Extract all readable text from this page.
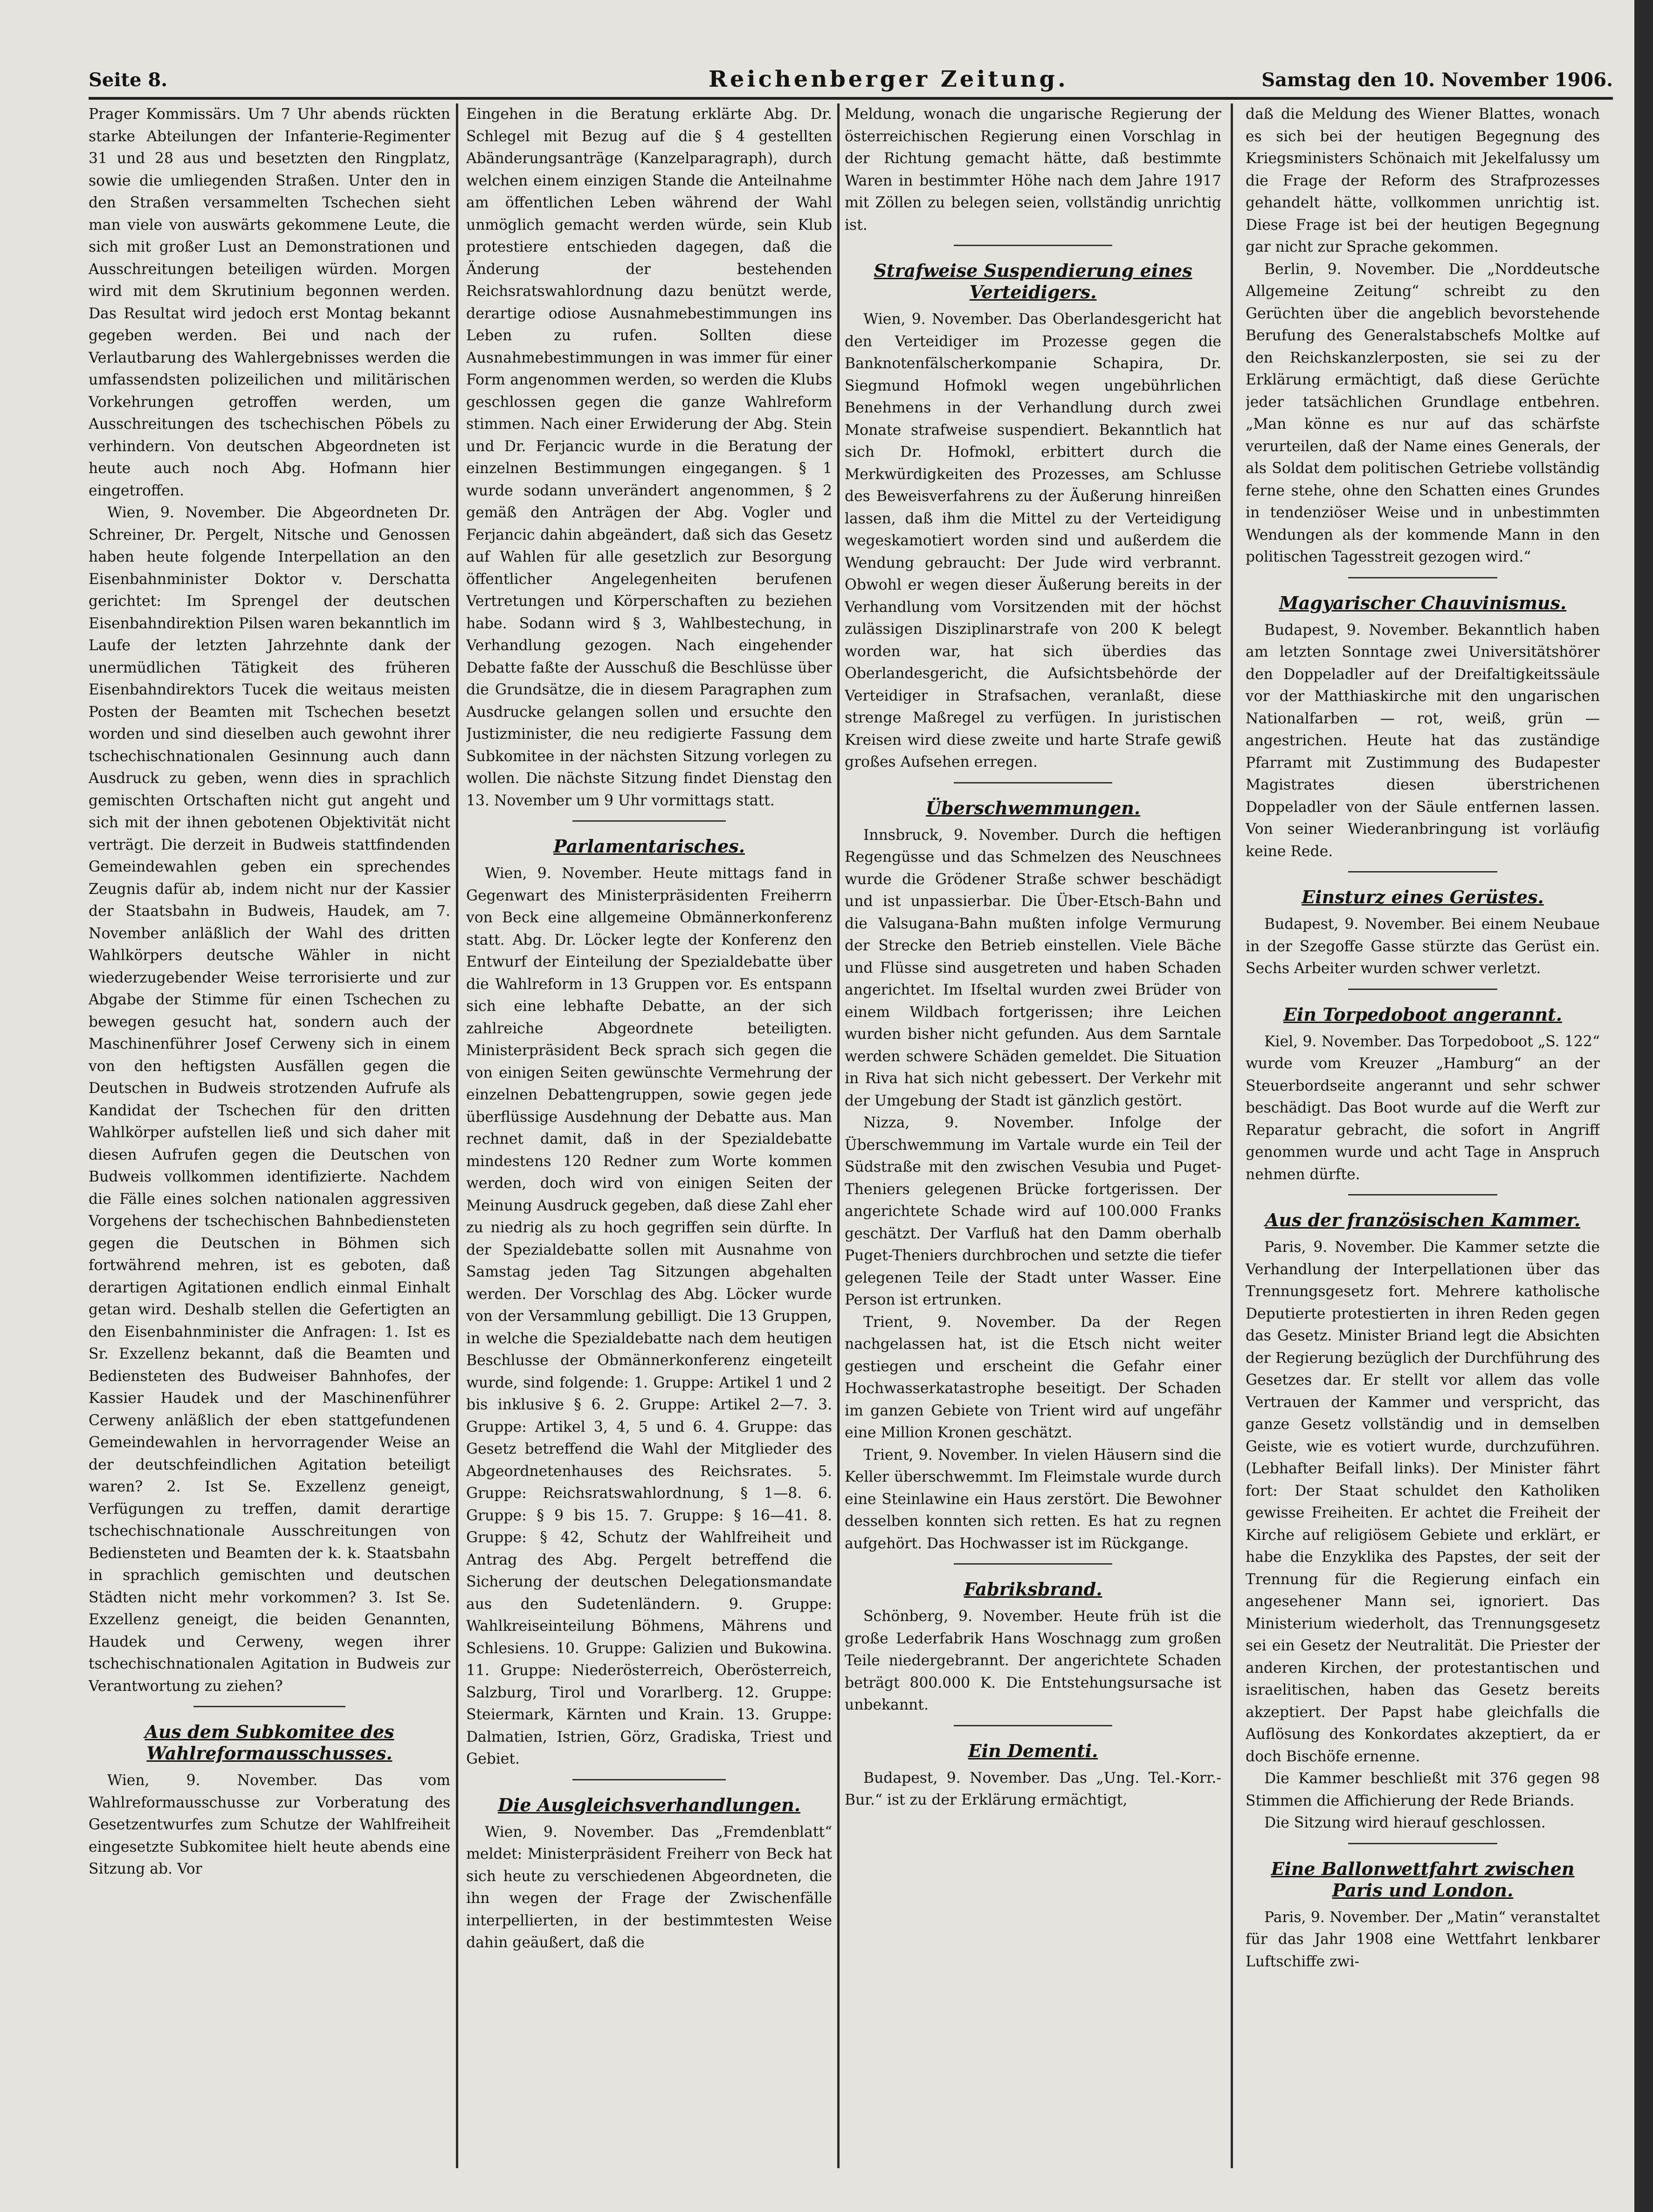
Seite 8.	Reichenberger Zeitung.	Samstag den 10. November 1906.

Prager Kommissärs. Um 7 Uhr abends rückten starke Abteilungen der Infanterie-Regimenter 31 und 28 aus und besetzten den Ringplatz, sowie die umliegenden Straßen. Unter den in den Straßen versammelten Tschechen sieht man viele von auswärts gekommene Leute, die sich mit großer Lust an Demonstrationen und Ausschreitungen beteiligen würden. Morgen wird mit dem Skrutinium begonnen werden. Das Resultat wird jedoch erst Montag bekannt gegeben werden. Bei und nach der Verlautbarung des Wahlergebnisses werden die umfassendsten polizeilichen und militärischen Vorkehrungen getroffen werden, um Ausschreitungen des tschechischen Pöbels zu verhindern. Von deutschen Abgeordneten ist heute auch noch Abg. Hofmann hier eingetroffen.

Wien, 9. November. Die Abgeordneten Dr. Schreiner, Dr. Pergelt, Nitsche und Genossen haben heute folgende Interpellation an den Eisenbahnminister Doktor v. Derschatta gerichtet: Im Sprengel der deutschen Eisenbahndirektion Pilsen waren bekanntlich im Laufe der letzten Jahrzehnte dank der unermüdlichen Tätigkeit des früheren Eisenbahndirektors Tucek die weitaus meisten Posten der Beamten mit Tschechen besetzt worden und sind dieselben auch gewohnt ihrer tschechischnationalen Gesinnung auch dann Ausdruck zu geben, wenn dies in sprachlich gemischten Ortschaften nicht gut angeht und sich mit der ihnen gebotenen Objektivität nicht verträgt. Die derzeit in Budweis stattfindenden Gemeindewahlen geben ein sprechendes Zeugnis dafür ab, indem nicht nur der Kassier der Staatsbahn in Budweis, Haudek, am 7. November anläßlich der Wahl des dritten Wahlkörpers deutsche Wähler in nicht wiederzugebender Weise terrorisierte und zur Abgabe der Stimme für einen Tschechen zu bewegen gesucht hat, sondern auch der Maschinenführer Josef Cerweny sich in einem von den heftigsten Ausfällen gegen die Deutschen in Budweis strotzenden Aufrufe als Kandidat der Tschechen für den dritten Wahlkörper aufstellen ließ und sich daher mit diesen Aufrufen gegen die Deutschen von Budweis vollkommen identifizierte. Nachdem die Fälle eines solchen nationalen aggressiven Vorgehens der tschechischen Bahnbediensteten gegen die Deutschen in Böhmen sich fortwährend mehren, ist es geboten, daß derartigen Agitationen endlich einmal Einhalt getan wird. Deshalb stellen die Gefertigten an den Eisenbahnminister die Anfragen: 1. Ist es Sr. Exzellenz bekannt, daß die Beamten und Bediensteten des Budweiser Bahnhofes, der Kassier Haudek und der Maschinenführer Cerweny anläßlich der eben stattgefundenen Gemeindewahlen in hervorragender Weise an der deutschfeindlichen Agitation beteiligt waren? 2. Ist Se. Exzellenz geneigt, Verfügungen zu treffen, damit derartige tschechischnationale Ausschreitungen von Bediensteten und Beamten der k. k. Staatsbahn in sprachlich gemischten und deutschen Städten nicht mehr vorkommen? 3. Ist Se. Exzellenz geneigt, die beiden Genannten, Haudek und Cerweny, wegen ihrer tschechischnationalen Agitation in Budweis zur Verantwortung zu ziehen?

Aus dem Subkomitee des Wahlreformausschusses.

Wien, 9. November. Das vom Wahlreformausschusse zur Vorberatung des Gesetzentwurfes zum Schutze der Wahlfreiheit eingesetzte Subkomitee hielt heute abends eine Sitzung ab. Vor

Eingehen in die Beratung erklärte Abg. Dr. Schlegel mit Bezug auf die § 4 gestellten Abänderungsanträge (Kanzelparagraph), durch welchen einem einzigen Stande die Anteilnahme am öffentlichen Leben während der Wahl unmöglich gemacht werden würde, sein Klub protestiere entschieden dagegen, daß die Änderung der bestehenden Reichsratswahlordnung dazu benützt werde, derartige odiose Ausnahmebestimmungen ins Leben zu rufen. Sollten diese Ausnahmebestimmungen in was immer für einer Form angenommen werden, so werden die Klubs geschlossen gegen die ganze Wahlreform stimmen. Nach einer Erwiderung der Abg. Stein und Dr. Ferjancic wurde in die Beratung der einzelnen Bestimmungen eingegangen. § 1 wurde sodann unverändert angenommen, § 2 gemäß den Anträgen der Abg. Vogler und Ferjancic dahin abgeändert, daß sich das Gesetz auf Wahlen für alle gesetzlich zur Besorgung öffentlicher Angelegenheiten berufenen Vertretungen und Körperschaften zu beziehen habe. Sodann wird § 3, Wahlbestechung, in Verhandlung gezogen. Nach eingehender Debatte faßte der Ausschuß die Beschlüsse über die Grundsätze, die in diesem Paragraphen zum Ausdrucke gelangen sollen und ersuchte den Justizminister, die neu redigierte Fassung dem Subkomitee in der nächsten Sitzung vorlegen zu wollen. Die nächste Sitzung findet Dienstag den 13. November um 9 Uhr vormittags statt.

Parlamentarisches.

Wien, 9. November. Heute mittags fand in Gegenwart des Ministerpräsidenten Freiherrn von Beck eine allgemeine Obmännerkonferenz statt. Abg. Dr. Löcker legte der Konferenz den Entwurf der Einteilung der Spezialdebatte über die Wahlreform in 13 Gruppen vor. Es entspann sich eine lebhafte Debatte, an der sich zahlreiche Abgeordnete beteiligten. Ministerpräsident Beck sprach sich gegen die von einigen Seiten gewünschte Vermehrung der einzelnen Debattengruppen, sowie gegen jede überflüssige Ausdehnung der Debatte aus. Man rechnet damit, daß in der Spezialdebatte mindestens 120 Redner zum Worte kommen werden, doch wird von einigen Seiten der Meinung Ausdruck gegeben, daß diese Zahl eher zu niedrig als zu hoch gegriffen sein dürfte. In der Spezialdebatte sollen mit Ausnahme von Samstag jeden Tag Sitzungen abgehalten werden. Der Vorschlag des Abg. Löcker wurde von der Versammlung gebilligt. Die 13 Gruppen, in welche die Spezialdebatte nach dem heutigen Beschlusse der Obmännerkonferenz eingeteilt wurde, sind folgende: 1. Gruppe: Artikel 1 und 2 bis inklusive § 6. 2. Gruppe: Artikel 2—7. 3. Gruppe: Artikel 3, 4, 5 und 6. 4. Gruppe: das Gesetz betreffend die Wahl der Mitglieder des Abgeordnetenhauses des Reichsrates. 5. Gruppe: Reichsratswahlordnung, § 1—8. 6. Gruppe: § 9 bis 15. 7. Gruppe: § 16—41. 8. Gruppe: § 42, Schutz der Wahlfreiheit und Antrag des Abg. Pergelt betreffend die Sicherung der deutschen Delegationsmandate aus den Sudetenländern. 9. Gruppe: Wahlkreiseinteilung Böhmens, Mährens und Schlesiens. 10. Gruppe: Galizien und Bukowina. 11. Gruppe: Niederösterreich, Oberösterreich, Salzburg, Tirol und Vorarlberg. 12. Gruppe: Steiermark, Kärnten und Krain. 13. Gruppe: Dalmatien, Istrien, Görz, Gradiska, Triest und Gebiet.

Die Ausgleichsverhandlungen.

Wien, 9. November. Das „Fremdenblatt“ meldet: Ministerpräsident Freiherr von Beck hat sich heute zu verschiedenen Abgeordneten, die ihn wegen der Frage der Zwischenfälle interpellierten, in der bestimmtesten Weise dahin geäußert, daß die

Meldung, wonach die ungarische Regierung der österreichischen Regierung einen Vorschlag in der Richtung gemacht hätte, daß bestimmte Waren in bestimmter Höhe nach dem Jahre 1917 mit Zöllen zu belegen seien, vollständig unrichtig ist.

Strafweise Suspendierung eines Verteidigers.

Wien, 9. November. Das Oberlandesgericht hat den Verteidiger im Prozesse gegen die Banknotenfälscherkompanie Schapira, Dr. Siegmund Hofmokl wegen ungebührlichen Benehmens in der Verhandlung durch zwei Monate strafweise suspendiert. Bekanntlich hat sich Dr. Hofmokl, erbittert durch die Merkwürdigkeiten des Prozesses, am Schlusse des Beweisverfahrens zu der Äußerung hinreißen lassen, daß ihm die Mittel zu der Verteidigung wegeskamotiert worden sind und außerdem die Wendung gebraucht: Der Jude wird verbrannt. Obwohl er wegen dieser Äußerung bereits in der Verhandlung vom Vorsitzenden mit der höchst zulässigen Disziplinarstrafe von 200 K belegt worden war, hat sich überdies das Oberlandesgericht, die Aufsichtsbehörde der Verteidiger in Strafsachen, veranlaßt, diese strenge Maßregel zu verfügen. In juristischen Kreisen wird diese zweite und harte Strafe gewiß großes Aufsehen erregen.

Überschwemmungen.

Innsbruck, 9. November. Durch die heftigen Regengüsse und das Schmelzen des Neuschnees wurde die Grödener Straße schwer beschädigt und ist unpassierbar. Die Über-Etsch-Bahn und die Valsugana-Bahn mußten infolge Vermurung der Strecke den Betrieb einstellen. Viele Bäche und Flüsse sind ausgetreten und haben Schaden angerichtet. Im Ifseltal wurden zwei Brüder von einem Wildbach fortgerissen; ihre Leichen wurden bisher nicht gefunden. Aus dem Sarntale werden schwere Schäden gemeldet. Die Situation in Riva hat sich nicht gebessert. Der Verkehr mit der Umgebung der Stadt ist gänzlich gestört.

Nizza, 9. November. Infolge der Überschwemmung im Vartale wurde ein Teil der Südstraße mit den zwischen Vesubia und Puget-Theniers gelegenen Brücke fortgerissen. Der angerichtete Schade wird auf 100.000 Franks geschätzt. Der Varfluß hat den Damm oberhalb Puget-Theniers durchbrochen und setzte die tiefer gelegenen Teile der Stadt unter Wasser. Eine Person ist ertrunken.

Trient, 9. November. Da der Regen nachgelassen hat, ist die Etsch nicht weiter gestiegen und erscheint die Gefahr einer Hochwasserkatastrophe beseitigt. Der Schaden im ganzen Gebiete von Trient wird auf ungefähr eine Million Kronen geschätzt.

Trient, 9. November. In vielen Häusern sind die Keller überschwemmt. Im Fleimstale wurde durch eine Steinlawine ein Haus zerstört. Die Bewohner desselben konnten sich retten. Es hat zu regnen aufgehört. Das Hochwasser ist im Rückgange.

Fabriksbrand.

Schönberg, 9. November. Heute früh ist die große Lederfabrik Hans Woschnagg zum großen Teile niedergebrannt. Der angerichtete Schaden beträgt 800.000 K. Die Entstehungsursache ist unbekannt.

Ein Dementi.

Budapest, 9. November. Das „Ung. Tel.-Korr.-Bur.“ ist zu der Erklärung ermächtigt,

daß die Meldung des Wiener Blattes, wonach es sich bei der heutigen Begegnung des Kriegsministers Schönaich mit Jekelfalussy um die Frage der Reform des Strafprozesses gehandelt hätte, vollkommen unrichtig ist. Diese Frage ist bei der heutigen Begegnung gar nicht zur Sprache gekommen.

Berlin, 9. November. Die „Norddeutsche Allgemeine Zeitung“ schreibt zu den Gerüchten über die angeblich bevorstehende Berufung des Generalstabschefs Moltke auf den Reichskanzlerposten, sie sei zu der Erklärung ermächtigt, daß diese Gerüchte jeder tatsächlichen Grundlage entbehren. „Man könne es nur auf das schärfste verurteilen, daß der Name eines Generals, der als Soldat dem politischen Getriebe vollständig ferne stehe, ohne den Schatten eines Grundes in tendenziöser Weise und in unbestimmten Wendungen als der kommende Mann in den politischen Tagesstreit gezogen wird.“

Magyarischer Chauvinismus.

Budapest, 9. November. Bekanntlich haben am letzten Sonntage zwei Universitätshörer den Doppeladler auf der Dreifaltigkeitssäule vor der Matthiaskirche mit den ungarischen Nationalfarben — rot, weiß, grün — angestrichen. Heute hat das zuständige Pfarramt mit Zustimmung des Budapester Magistrates diesen überstrichenen Doppeladler von der Säule entfernen lassen. Von seiner Wiederanbringung ist vorläufig keine Rede.

Einsturz eines Gerüstes.

Budapest, 9. November. Bei einem Neubaue in der Szegoffe Gasse stürzte das Gerüst ein. Sechs Arbeiter wurden schwer verletzt.

Ein Torpedoboot angerannt.

Kiel, 9. November. Das Torpedoboot „S. 122“ wurde vom Kreuzer „Hamburg“ an der Steuerbordseite angerannt und sehr schwer beschädigt. Das Boot wurde auf die Werft zur Reparatur gebracht, die sofort in Angriff genommen wurde und acht Tage in Anspruch nehmen dürfte.

Aus der französischen Kammer.

Paris, 9. November. Die Kammer setzte die Verhandlung der Interpellationen über das Trennungsgesetz fort. Mehrere katholische Deputierte protestierten in ihren Reden gegen das Gesetz. Minister Briand legt die Absichten der Regierung bezüglich der Durchführung des Gesetzes dar. Er stellt vor allem das volle Vertrauen der Kammer und verspricht, das ganze Gesetz vollständig und in demselben Geiste, wie es votiert wurde, durchzuführen. (Lebhafter Beifall links). Der Minister fährt fort: Der Staat schuldet den Katholiken gewisse Freiheiten. Er achtet die Freiheit der Kirche auf religiösem Gebiete und erklärt, er habe die Enzyklika des Papstes, der seit der Trennung für die Regierung einfach ein angesehener Mann sei, ignoriert. Das Ministerium wiederholt, das Trennungsgesetz sei ein Gesetz der Neutralität. Die Priester der anderen Kirchen, der protestantischen und israelitischen, haben das Gesetz bereits akzeptiert. Der Papst habe gleichfalls die Auflösung des Konkordates akzeptiert, da er doch Bischöfe ernenne.

Die Kammer beschließt mit 376 gegen 98 Stimmen die Affichierung der Rede Briands.

Die Sitzung wird hierauf geschlossen.

Eine Ballonwettfahrt zwischen Paris und London.

Paris, 9. November. Der „Matin“ veranstaltet für das Jahr 1908 eine Wettfahrt lenkbarer Luftschiffe zwi-
